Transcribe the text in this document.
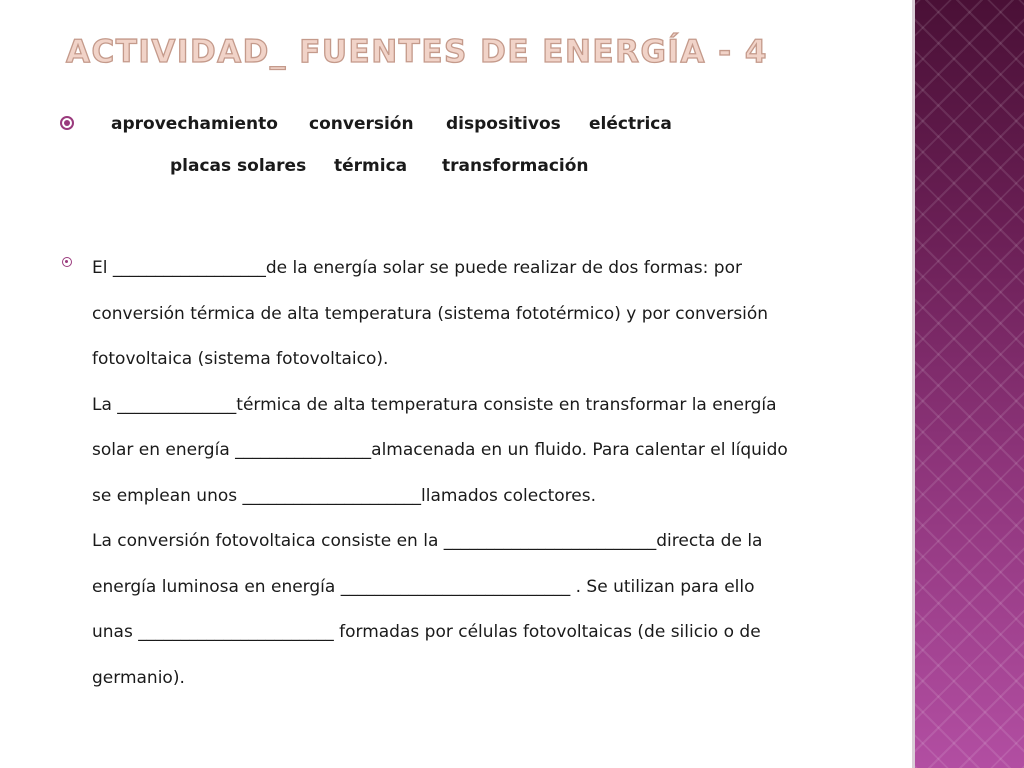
ACTIVIDAD_ FUENTES DE ENERGÍA - 4
aprovechamiento conversión dispositivos eléctrica
placas solares térmica transformación
El __________________de la energía solar se puede realizar de dos formas: por
conversión térmica de alta temperatura (sistema fototérmico) y por conversión
fotovoltaica (sistema fotovoltaico).
La ______________térmica de alta temperatura consiste en transformar la energía
solar en energía ________________almacenada en un fluido. Para calentar el líquido
se emplean unos _____________________llamados colectores.
La conversión fotovoltaica consiste en la _________________________directa de la
energía luminosa en energía ___________________________ . Se utilizan para ello
unas _______________________ formadas por células fotovoltaicas (de silicio o de
germanio).
